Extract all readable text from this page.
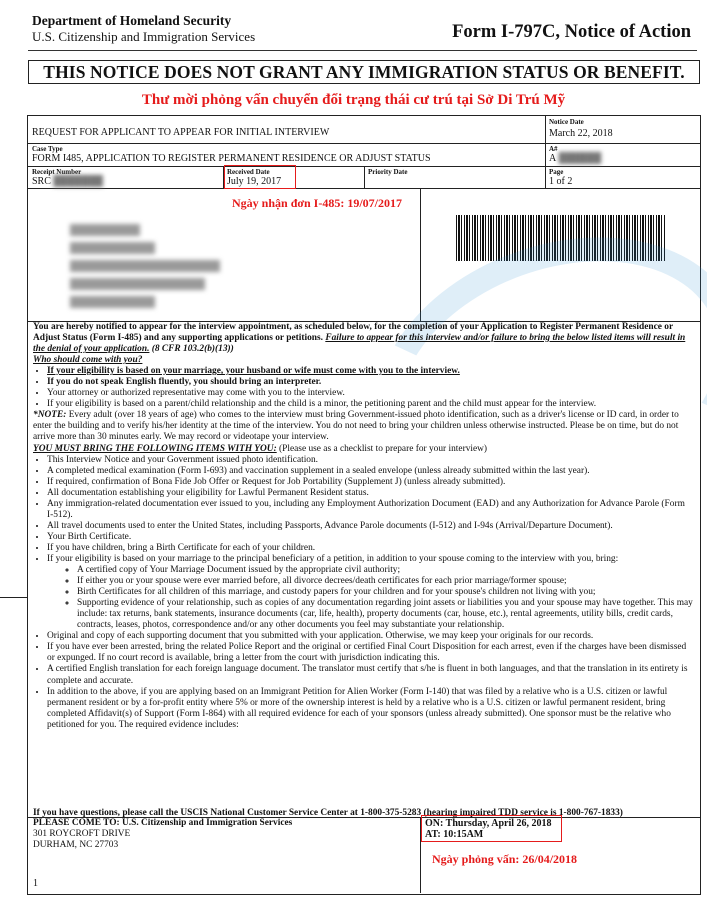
Department of Homeland Security
U.S. Citizenship and Immigration Services	Form I-797C, Notice of Action
THIS NOTICE DOES NOT GRANT ANY IMMIGRATION STATUS OR BENEFIT.
Thư mời phỏng vấn chuyển đổi trạng thái cư trú tại Sở Di Trú Mỹ
REQUEST FOR APPLICANT TO APPEAR FOR INITIAL INTERVIEW
Notice Date
March 22, 2018
Case Type
FORM I485, APPLICATION TO REGISTER PERMANENT RESIDENCE OR ADJUST STATUS
A#
A ██████
Receipt Number
SRC ███████
Received Date
July 19, 2017
Priority Date	Page
1 of 2
Ngày nhận đơn I-485: 19/07/2017

You are hereby notified to appear for the interview appointment, as scheduled below, for the completion of your Application to Register Permanent Residence or Adjust Status (Form I-485) and any supporting applications or petitions. Failure to appear for this interview and/or failure to bring the below listed items will result in the denial of your application. (8 CFR 103.2(b)(13))

Who should come with you?

• If your eligibility is based on your marriage, your husband or wife must come with you to the interview.
• If you do not speak English fluently, you should bring an interpreter.
• Your attorney or authorized representative may come with you to the interview.
• If your eligibility is based on a parent/child relationship and the child is a minor, the petitioning parent and the child must appear for the interview.

*NOTE: Every adult (over 18 years of age) who comes to the interview must bring Government-issued photo identification, such as a driver's license or ID card, in order to enter the building and to verify his/her identity at the time of the interview. You do not need to bring your children unless otherwise instructed. Please be on time, but do not arrive more than 30 minutes early. We may record or videotape your interview.

YOU MUST BRING THE FOLLOWING ITEMS WITH YOU: (Please use as a checklist to prepare for your interview)

• This Interview Notice and your Government issued photo identification.
• A completed medical examination (Form I-693) and vaccination supplement in a sealed envelope (unless already submitted within the last year).
• If required, confirmation of Bona Fide Job Offer or Request for Job Portability (Supplement J) (unless already submitted).
• All documentation establishing your eligibility for Lawful Permanent Resident status.
• Any immigration-related documentation ever issued to you, including any Employment Authorization Document (EAD) and any Authorization for Advance Parole (Form I-512).
• All travel documents used to enter the United States, including Passports, Advance Parole documents (I-512) and I-94s (Arrival/Departure Document).
• Your Birth Certificate.
• If you have children, bring a Birth Certificate for each of your children.
• If your eligibility is based on your marriage to the principal beneficiary of a petition, in addition to your spouse coming to the interview with you, bring:
◦ A certified copy of Your Marriage Document issued by the appropriate civil authority;
◦ If either you or your spouse were ever married before, all divorce decrees/death certificates for each prior marriage/former spouse;
◦ Birth Certificates for all children of this marriage, and custody papers for your children and for your spouse's children not living with you;
◦ Supporting evidence of your relationship, such as copies of any documentation regarding joint assets or liabilities you and your spouse may have together. This may include: tax returns, bank statements, insurance documents (car, life, health), property documents (car, house, etc.), rental agreements, utility bills, credit cards, contracts, leases, photos, correspondence and/or any other documents you feel may substantiate your relationship.
• Original and copy of each supporting document that you submitted with your application. Otherwise, we may keep your originals for our records.
• If you have ever been arrested, bring the related Police Report and the original or certified Final Court Disposition for each arrest, even if the charges have been dismissed or expunged. If no court record is available, bring a letter from the court with jurisdiction indicating this.
• A certified English translation for each foreign language document. The translator must certify that s/he is fluent in both languages, and that the translation in its entirety is complete and accurate.
• In addition to the above, if you are applying based on an Immigrant Petition for Alien Worker (Form I-140) that was filed by a relative who is a U.S. citizen or lawful permanent resident or by a for-profit entity where 5% or more of the ownership interest is held by a relative who is a U.S. citizen or lawful permanent resident, bring completed Affidavit(s) of Support (Form I-864) with all required evidence for each of your sponsors (unless already submitted). One sponsor must be the relative who petitioned for you. The required evidence includes:
If you have questions, please call the USCIS National Customer Service Center at 1-800-375-5283 (hearing impaired TDD service is 1-800-767-1833)
PLEASE COME TO: U.S. Citizenship and Immigration Services
301 ROYCROFT DRIVE
DURHAM, NC 27703
1
ON: Thursday, April 26, 2018
AT: 10:15AM
Ngày phỏng vấn: 26/04/2018
